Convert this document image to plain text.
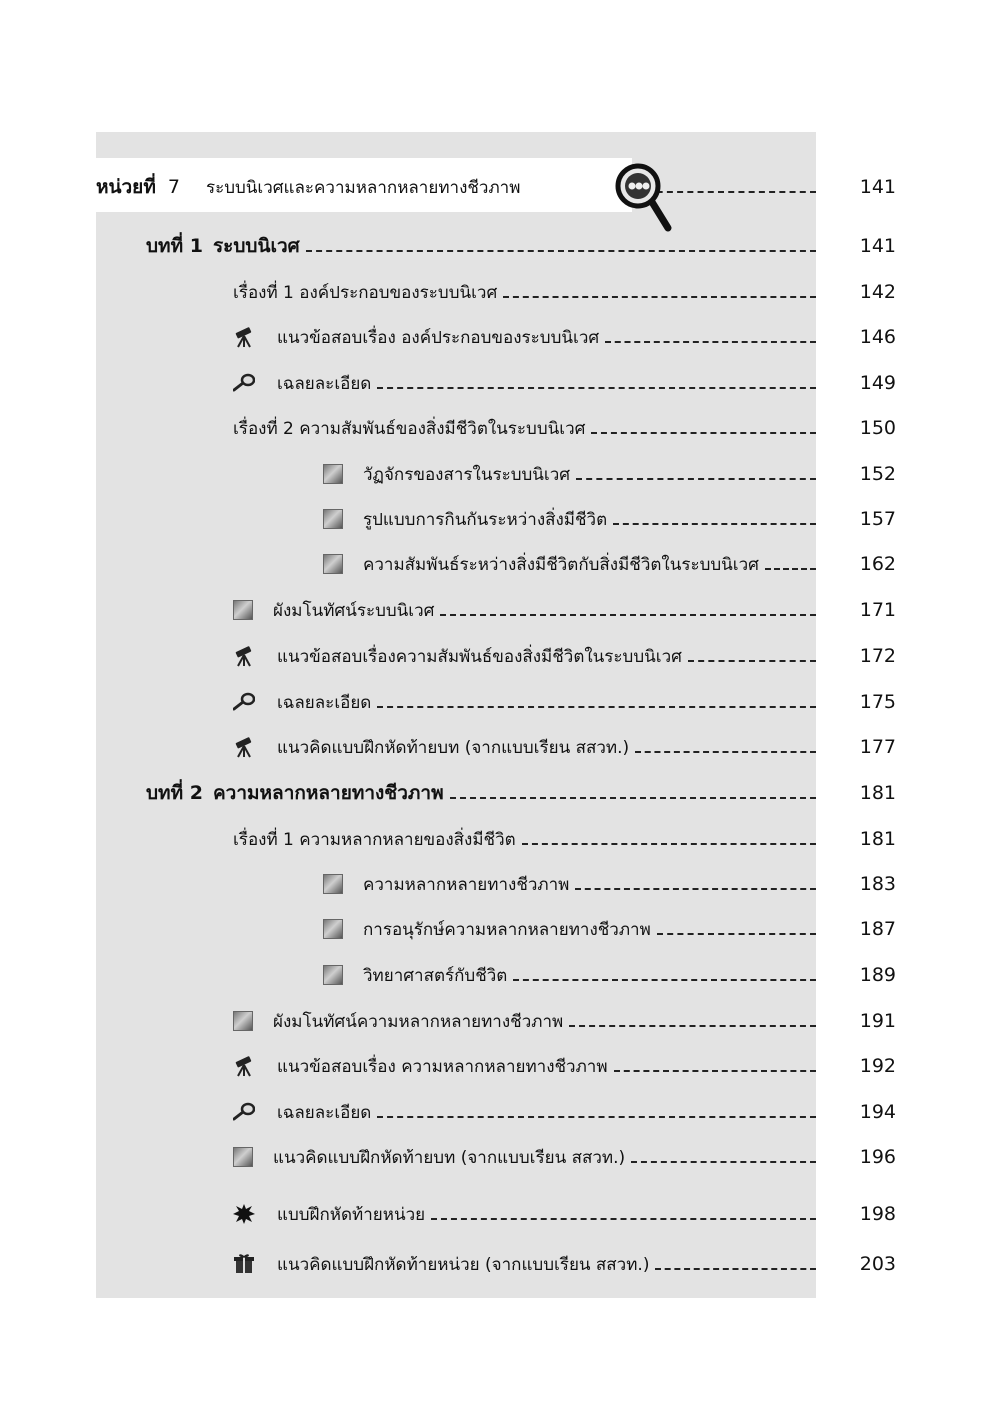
หน่วยที่ 7 ระบบนิเวศและความหลากหลายทางชีวภาพ	141
บทที่ 1 ระบบนิเวศ	141
เรื่องที่ 1 องค์ประกอบของระบบนิเวศ	142
แนวข้อสอบเรื่อง องค์ประกอบของระบบนิเวศ	146
เฉลยละเอียด	149
เรื่องที่ 2 ความสัมพันธ์ของสิ่งมีชีวิตในระบบนิเวศ	150
วัฏจักรของสารในระบบนิเวศ	152
รูปแบบการกินกันระหว่างสิ่งมีชีวิต	157
ความสัมพันธ์ระหว่างสิ่งมีชีวิตกับสิ่งมีชีวิตในระบบนิเวศ	162
ผังมโนทัศน์ระบบนิเวศ	171
แนวข้อสอบเรื่องความสัมพันธ์ของสิ่งมีชีวิตในระบบนิเวศ	172
เฉลยละเอียด	175
แนวคิดแบบฝึกหัดท้ายบท (จากแบบเรียน สสวท.)	177
บทที่ 2 ความหลากหลายทางชีวภาพ	181
เรื่องที่ 1 ความหลากหลายของสิ่งมีชีวิต	181
ความหลากหลายทางชีวภาพ	183
การอนุรักษ์ความหลากหลายทางชีวภาพ	187
วิทยาศาสตร์กับชีวิต	189
ผังมโนทัศน์ความหลากหลายทางชีวภาพ	191
แนวข้อสอบเรื่อง ความหลากหลายทางชีวภาพ	192
เฉลยละเอียด	194
แนวคิดแบบฝึกหัดท้ายบท (จากแบบเรียน สสวท.)	196
แบบฝึกหัดท้ายหน่วย	198
แนวคิดแบบฝึกหัดท้ายหน่วย (จากแบบเรียน สสวท.)	203
